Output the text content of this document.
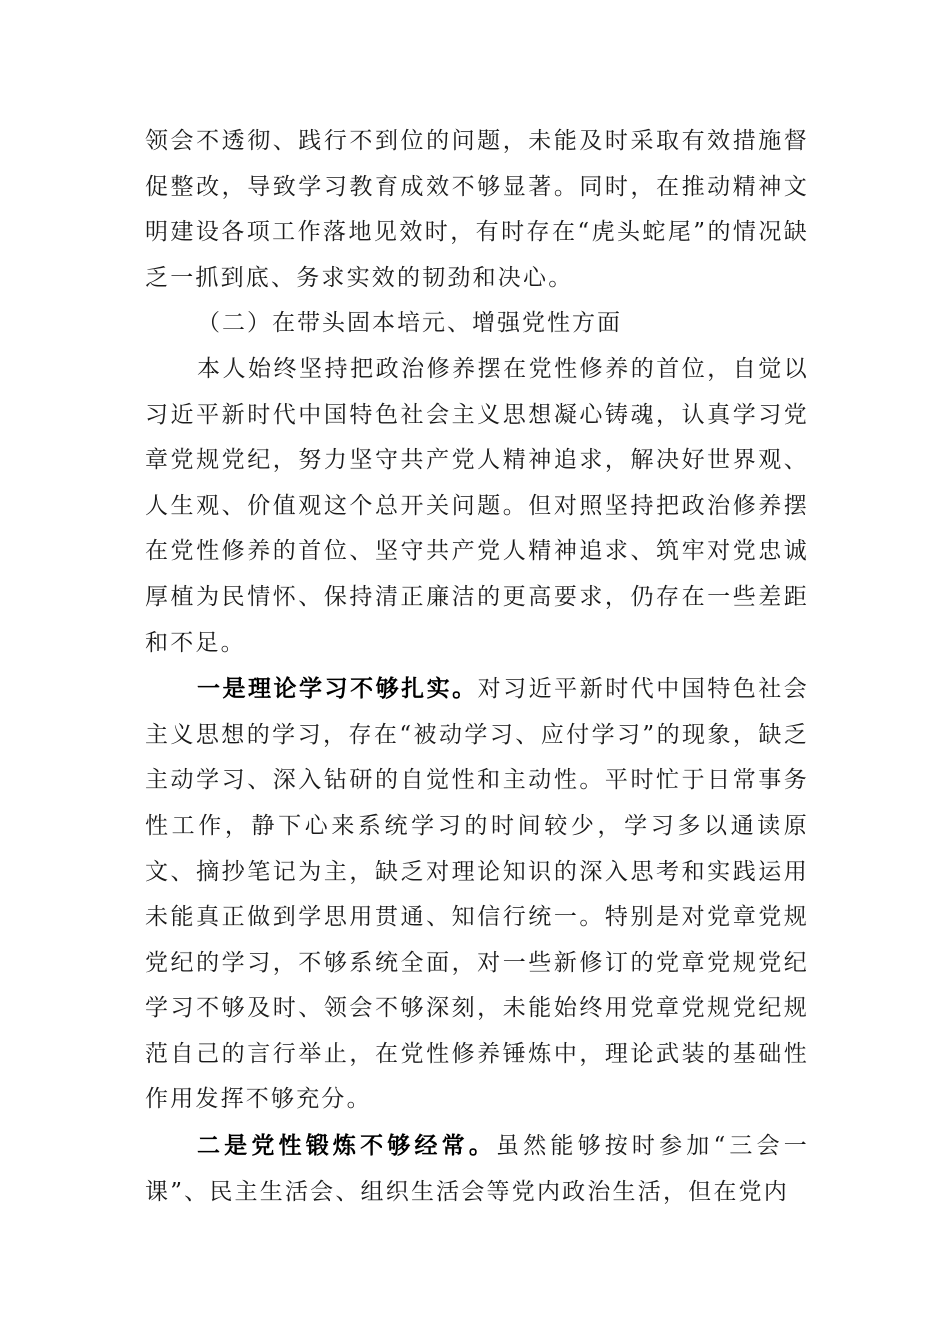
领会不透彻、践行不到位的问题，未能及时采取有效措施督促整改，导致学习教育成效不够显著。同时，在推动精神文明建设各项工作落地见效时，有时存在“虎头蛇尾”的情况缺乏一抓到底、务求实效的韧劲和决心。

（二）在带头固本培元、增强党性方面

本人始终坚持把政治修养摆在党性修养的首位，自觉以习近平新时代中国特色社会主义思想凝心铸魂，认真学习党章党规党纪，努力坚守共产党人精神追求，解决好世界观、人生观、价值观这个总开关问题。但对照坚持把政治修养摆在党性修养的首位、坚守共产党人精神追求、筑牢对党忠诚厚植为民情怀、保持清正廉洁的更高要求，仍存在一些差距和不足。

一是理论学习不够扎实。对习近平新时代中国特色社会主义思想的学习，存在“被动学习、应付学习”的现象，缺乏主动学习、深入钻研的自觉性和主动性。平时忙于日常事务性工作，静下心来系统学习的时间较少，学习多以通读原文、摘抄笔记为主，缺乏对理论知识的深入思考和实践运用未能真正做到学思用贯通、知信行统一。特别是对党章党规党纪的学习，不够系统全面，对一些新修订的党章党规党纪学习不够及时、领会不够深刻，未能始终用党章党规党纪规范自己的言行举止，在党性修养锤炼中，理论武装的基础性作用发挥不够充分。

二是党性锻炼不够经常。虽然能够按时参加“三会一课”、民主生活会、组织生活会等党内政治生活，但在党内
